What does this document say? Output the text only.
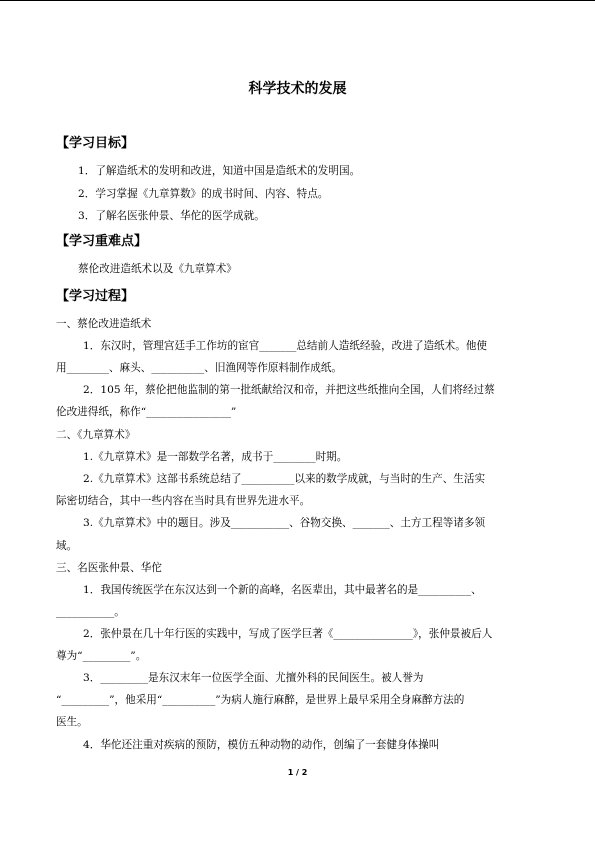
科学技术的发展
【学习目标】
1．了解造纸术的发明和改进，知道中国是造纸术的发明国。
2．学习掌握《九章算数》的成书时间、内容、特点。
3．了解名医张仲景、华佗的医学成就。
【学习重难点】
蔡伦改进造纸术以及《九章算术》
【学习过程】
一、蔡伦改进造纸术
1．东汉时，管理宫廷手工作坊的宦官_______总结前人造纸经验，改进了造纸术。他使
用________、麻头、__________、旧渔网等作原料制作成纸。
2．105 年，蔡伦把他监制的第一批纸献给汉和帝，并把这些纸推向全国，人们将经过蔡
伦改进得纸，称作“________________”
二、《九章算术》
1.《九章算术》是一部数学名著，成书于________时期。
2.《九章算术》这部书系统总结了__________以来的数学成就，与当时的生产、生活实
际密切结合，其中一些内容在当时具有世界先进水平。
3.《九章算术》中的题目。涉及___________、谷物交换、_______、土方工程等诸多领
域。
三、名医张仲景、华佗
1．我国传统医学在东汉达到一个新的高峰，名医辈出，其中最著名的是__________、
___________。
2．张仲景在几十年行医的实践中，写成了医学巨著《_______________》，张仲景被后人
尊为“_________”。
3．_________是东汉末年一位医学全面、尤擅外科的民间医生。被人誉为
“_________”，他采用“__________”为病人施行麻醉，是世界上最早采用全身麻醉方法的
医生。
4．华佗还注重对疾病的预防，模仿五种动物的动作，创编了一套健身体操叫
1 / 2
